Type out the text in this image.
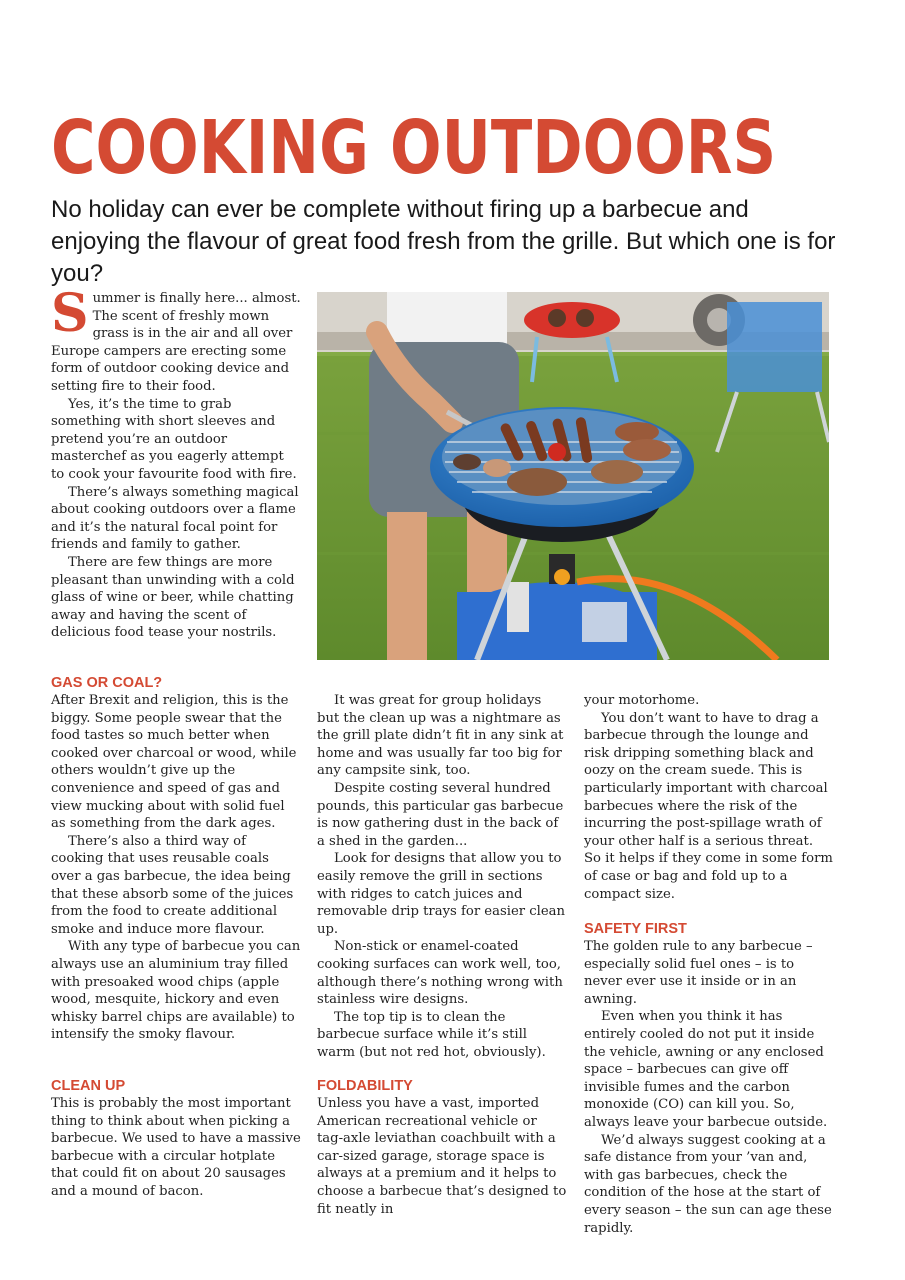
COOKING OUTDOORS

No holiday can ever be complete without firing up a barbecue and enjoying the flavour of great food fresh from the grille. But which one is for you?

Summer is finally here... almost. The scent of freshly mown grass is in the air and all over Europe campers are erecting some form of outdoor cooking device and setting fire to their food.

Yes, it’s the time to grab something with short sleeves and pretend you’re an outdoor masterchef as you eagerly attempt to cook your favourite food with fire.

There’s always something magical about cooking outdoors over a flame and it’s the natural focal point for friends and family to gather.

There are few things are more pleasant than unwinding with a cold glass of wine or beer, while chatting away and having the scent of delicious food tease your nostrils.

GAS OR COAL?

After Brexit and religion, this is the biggy. Some people swear that the food tastes so much better when cooked over charcoal or wood, while others wouldn’t give up the convenience and speed of gas and view mucking about with solid fuel as something from the dark ages.

There’s also a third way of cooking that uses reusable coals over a gas barbecue, the idea being that these absorb some of the juices from the food to create additional smoke and induce more flavour.

With any type of barbecue you can always use an aluminium tray filled with presoaked wood chips (apple wood, mesquite, hickory and even whisky barrel chips are available) to intensify the smoky flavour.

CLEAN UP

This is probably the most important thing to think about when picking a barbecue. We used to have a massive barbecue with a circular hotplate that could fit on about 20 sausages and a mound of bacon.

It was great for group holidays but the clean up was a nightmare as the grill plate didn’t fit in any sink at home and was usually far too big for any campsite sink, too.

Despite costing several hundred pounds, this particular gas barbecue is now gathering dust in the back of a shed in the garden...

Look for designs that allow you to easily remove the grill in sections with ridges to catch juices and removable drip trays for easier clean up.

Non-stick or enamel-coated cooking surfaces can work well, too, although there’s nothing wrong with stainless wire designs.

The top tip is to clean the barbecue surface while it’s still warm (but not red hot, obviously).

FOLDABILITY

Unless you have a vast, imported American recreational vehicle or tag-axle leviathan coachbuilt with a car-sized garage, storage space is always at a premium and it helps to choose a barbecue that’s designed to fit neatly in

your motorhome.

You don’t want to have to drag a barbecue through the lounge and risk dripping something black and oozy on the cream suede. This is particularly important with charcoal barbecues where the risk of the incurring the post-spillage wrath of your other half is a serious threat. So it helps if they come in some form of case or bag and fold up to a compact size.

SAFETY FIRST

The golden rule to any barbecue – especially solid fuel ones – is to never ever use it inside or in an awning.

Even when you think it has entirely cooled do not put it inside the vehicle, awning or any enclosed space – barbecues can give off invisible fumes and the carbon monoxide (CO) can kill you. So, always leave your barbecue outside.

We’d always suggest cooking at a safe distance from your ’van and, with gas barbecues, check the condition of the hose at the start of every season – the sun can age these rapidly.
